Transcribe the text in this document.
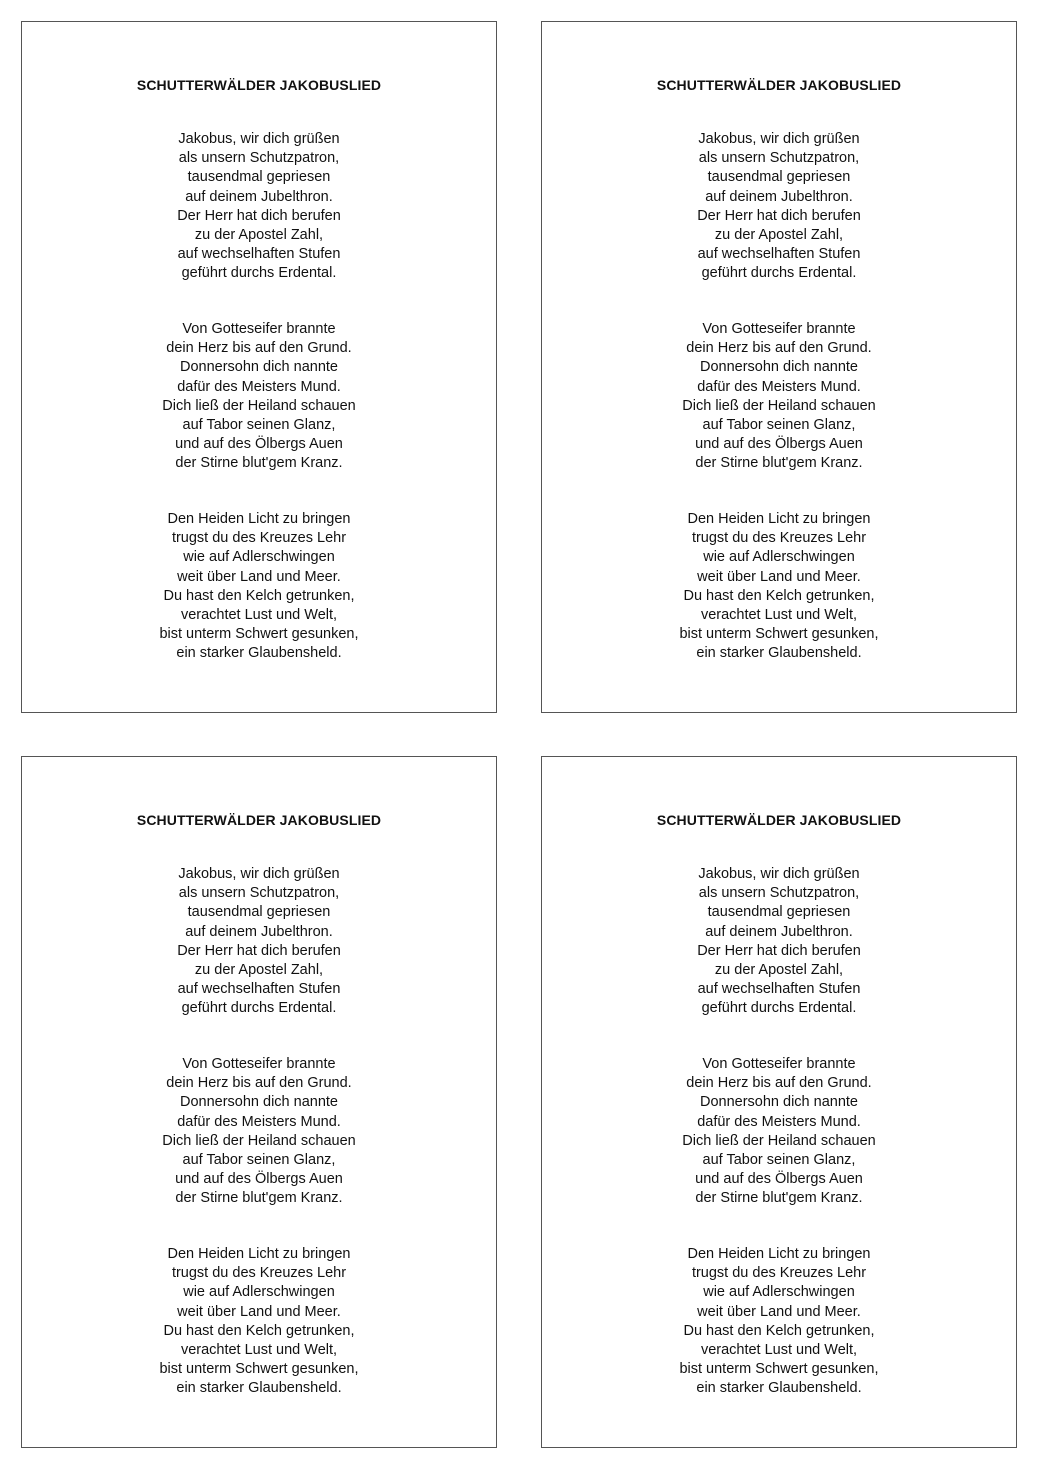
SCHUTTERWÄLDER JAKOBUSLIED
Jakobus, wir dich grüßen
als unsern Schutzpatron,
tausendmal gepriesen
auf deinem Jubelthron.
Der Herr hat dich berufen
zu der Apostel Zahl,
auf wechselhaften Stufen
geführt durchs Erdental.
Von Gotteseifer brannte
dein Herz bis auf den Grund.
Donnersohn dich nannte
dafür des Meisters Mund.
Dich ließ der Heiland schauen
auf Tabor seinen Glanz,
und auf des Ölbergs Auen
der Stirne blut'gem Kranz.
Den Heiden Licht zu bringen
trugst du des Kreuzes Lehr
wie auf Adlerschwingen
weit über Land und Meer.
Du hast den Kelch getrunken,
verachtet Lust und Welt,
bist unterm Schwert gesunken,
ein starker Glaubensheld.
SCHUTTERWÄLDER JAKOBUSLIED
Jakobus, wir dich grüßen
als unsern Schutzpatron,
tausendmal gepriesen
auf deinem Jubelthron.
Der Herr hat dich berufen
zu der Apostel Zahl,
auf wechselhaften Stufen
geführt durchs Erdental.
Von Gotteseifer brannte
dein Herz bis auf den Grund.
Donnersohn dich nannte
dafür des Meisters Mund.
Dich ließ der Heiland schauen
auf Tabor seinen Glanz,
und auf des Ölbergs Auen
der Stirne blut'gem Kranz.
Den Heiden Licht zu bringen
trugst du des Kreuzes Lehr
wie auf Adlerschwingen
weit über Land und Meer.
Du hast den Kelch getrunken,
verachtet Lust und Welt,
bist unterm Schwert gesunken,
ein starker Glaubensheld.
SCHUTTERWÄLDER JAKOBUSLIED
Jakobus, wir dich grüßen
als unsern Schutzpatron,
tausendmal gepriesen
auf deinem Jubelthron.
Der Herr hat dich berufen
zu der Apostel Zahl,
auf wechselhaften Stufen
geführt durchs Erdental.
Von Gotteseifer brannte
dein Herz bis auf den Grund.
Donnersohn dich nannte
dafür des Meisters Mund.
Dich ließ der Heiland schauen
auf Tabor seinen Glanz,
und auf des Ölbergs Auen
der Stirne blut'gem Kranz.
Den Heiden Licht zu bringen
trugst du des Kreuzes Lehr
wie auf Adlerschwingen
weit über Land und Meer.
Du hast den Kelch getrunken,
verachtet Lust und Welt,
bist unterm Schwert gesunken,
ein starker Glaubensheld.
SCHUTTERWÄLDER JAKOBUSLIED
Jakobus, wir dich grüßen
als unsern Schutzpatron,
tausendmal gepriesen
auf deinem Jubelthron.
Der Herr hat dich berufen
zu der Apostel Zahl,
auf wechselhaften Stufen
geführt durchs Erdental.
Von Gotteseifer brannte
dein Herz bis auf den Grund.
Donnersohn dich nannte
dafür des Meisters Mund.
Dich ließ der Heiland schauen
auf Tabor seinen Glanz,
und auf des Ölbergs Auen
der Stirne blut'gem Kranz.
Den Heiden Licht zu bringen
trugst du des Kreuzes Lehr
wie auf Adlerschwingen
weit über Land und Meer.
Du hast den Kelch getrunken,
verachtet Lust und Welt,
bist unterm Schwert gesunken,
ein starker Glaubensheld.
